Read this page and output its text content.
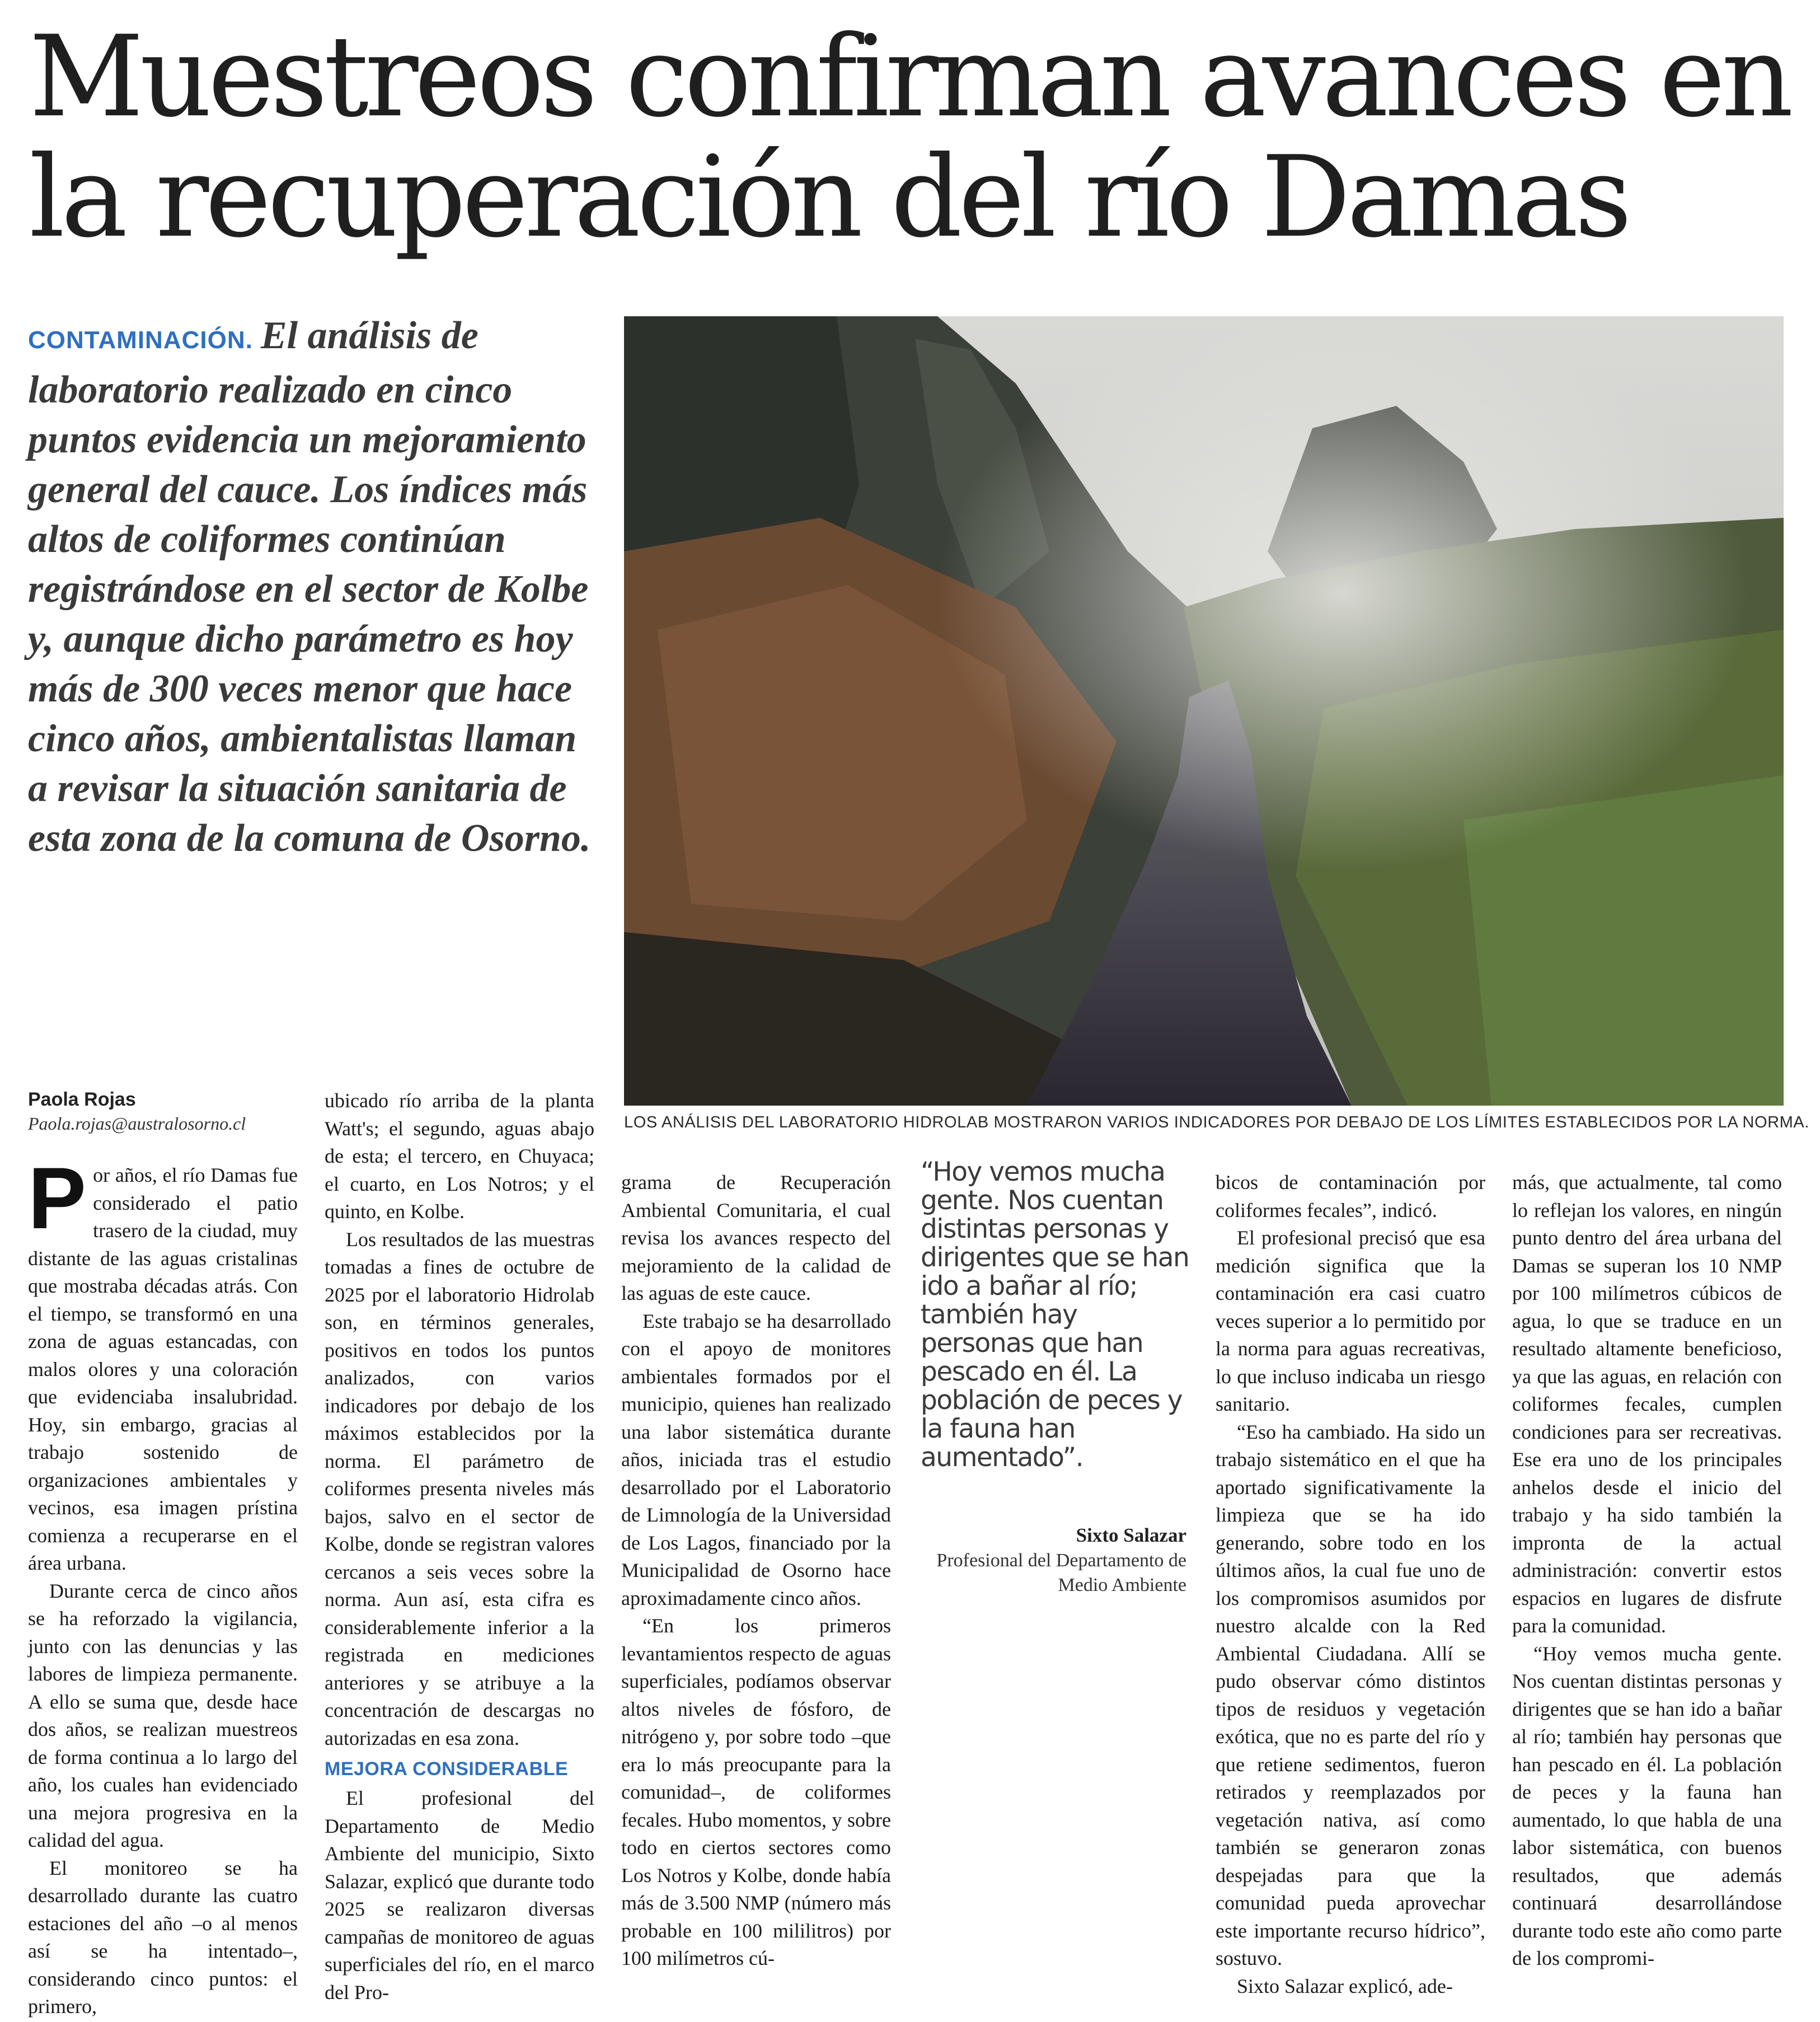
Muestreos confirman avances en
la recuperación del río Damas

CONTAMINACIÓN. El análisis de laboratorio realizado en cinco puntos evidencia un mejoramiento general del cauce. Los índices más altos de coliformes continúan registrándose en el sector de Kolbe y, aunque dicho parámetro es hoy más de 300 veces menor que hace cinco años, ambientalistas llaman a revisar la situación sanitaria de esta zona de la comuna de Osorno.

LOS ANÁLISIS DEL LABORATORIO HIDROLAB MOSTRARON VARIOS INDICADORES POR DEBAJO DE LOS LÍMITES ESTABLECIDOS POR LA NORMA.

Paola Rojas
Paola.rojas@australosorno.cl

Por años, el río Damas fue considerado el patio trasero de la ciudad, muy distante de las aguas cristalinas que mostraba décadas atrás. Con el tiempo, se transformó en una zona de aguas estancadas, con malos olores y una coloración que evidenciaba insalubridad. Hoy, sin embargo, gracias al trabajo sostenido de organizaciones ambientales y vecinos, esa imagen prístina comienza a recuperarse en el área urbana.

Durante cerca de cinco años se ha reforzado la vigilancia, junto con las denuncias y las labores de limpieza permanente. A ello se suma que, desde hace dos años, se realizan muestreos de forma continua a lo largo del año, los cuales han evidenciado una mejora progresiva en la calidad del agua.

El monitoreo se ha desarrollado durante las cuatro estaciones del año –o al menos así se ha intentado–, considerando cinco puntos: el primero,

ubicado río arriba de la planta Watt's; el segundo, aguas abajo de esta; el tercero, en Chuyaca; el cuarto, en Los Notros; y el quinto, en Kolbe.

Los resultados de las muestras tomadas a fines de octubre de 2025 por el laboratorio Hidrolab son, en términos generales, positivos en todos los puntos analizados, con varios indicadores por debajo de los máximos establecidos por la norma. El parámetro de coliformes presenta niveles más bajos, salvo en el sector de Kolbe, donde se registran valores cercanos a seis veces sobre la norma. Aun así, esta cifra es considerablemente inferior a la registrada en mediciones anteriores y se atribuye a la concentración de descargas no autorizadas en esa zona.

MEJORA CONSIDERABLE

El profesional del Departamento de Medio Ambiente del municipio, Sixto Salazar, explicó que durante todo 2025 se realizaron diversas campañas de monitoreo de aguas superficiales del río, en el marco del Pro-

grama de Recuperación Ambiental Comunitaria, el cual revisa los avances respecto del mejoramiento de la calidad de las aguas de este cauce.

Este trabajo se ha desarrollado con el apoyo de monitores ambientales formados por el municipio, quienes han realizado una labor sistemática durante años, iniciada tras el estudio desarrollado por el Laboratorio de Limnología de la Universidad de Los Lagos, financiado por la Municipalidad de Osorno hace aproximadamente cinco años.

“En los primeros levantamientos respecto de aguas superficiales, podíamos observar altos niveles de fósforo, de nitrógeno y, por sobre todo –que era lo más preocupante para la comunidad–, de coliformes fecales. Hubo momentos, y sobre todo en ciertos sectores como Los Notros y Kolbe, donde había más de 3.500 NMP (número más probable en 100 mililitros) por 100 milímetros cú-

“Hoy vemos mucha gente. Nos cuentan distintas personas y dirigentes que se han ido a bañar al río; también hay personas que han pescado en él. La población de peces y la fauna han aumentado”.

Sixto Salazar
Profesional del Departamento de Medio Ambiente

bicos de contaminación por coliformes fecales”, indicó.

El profesional precisó que esa medición significa que la contaminación era casi cuatro veces superior a lo permitido por la norma para aguas recreativas, lo que incluso indicaba un riesgo sanitario.

“Eso ha cambiado. Ha sido un trabajo sistemático en el que ha aportado significativamente la limpieza que se ha ido generando, sobre todo en los últimos años, la cual fue uno de los compromisos asumidos por nuestro alcalde con la Red Ambiental Ciudadana. Allí se pudo observar cómo distintos tipos de residuos y vegetación exótica, que no es parte del río y que retiene sedimentos, fueron retirados y reemplazados por vegetación nativa, así como también se generaron zonas despejadas para que la comunidad pueda aprovechar este importante recurso hídrico”, sostuvo.

Sixto Salazar explicó, ade-

más, que actualmente, tal como lo reflejan los valores, en ningún punto dentro del área urbana del Damas se superan los 10 NMP por 100 milímetros cúbicos de agua, lo que se traduce en un resultado altamente beneficioso, ya que las aguas, en relación con coliformes fecales, cumplen condiciones para ser recreativas. Ese era uno de los principales anhelos desde el inicio del trabajo y ha sido también la impronta de la actual administración: convertir estos espacios en lugares de disfrute para la comunidad.

“Hoy vemos mucha gente. Nos cuentan distintas personas y dirigentes que se han ido a bañar al río; también hay personas que han pescado en él. La población de peces y la fauna han aumentado, lo que habla de una labor sistemática, con buenos resultados, que además continuará desarrollándose durante todo este año como parte de los compromi-
